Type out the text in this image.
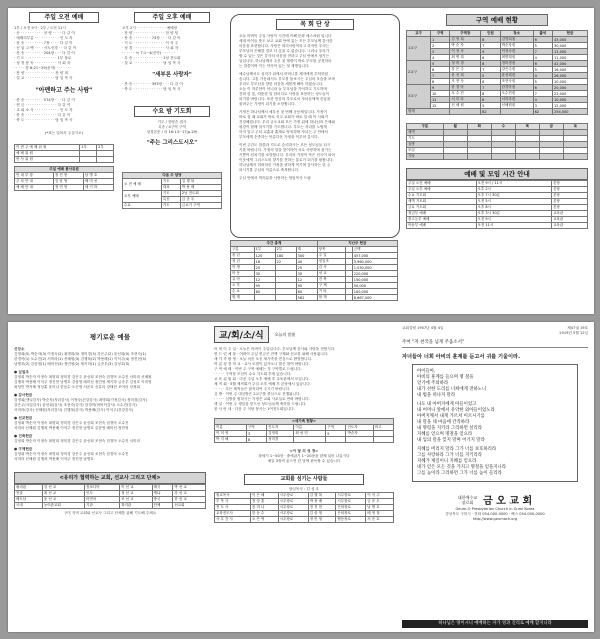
주일 오전 예배
1부 / 오전 9시 · 2부 / 오전 11시
· 송 · · · · · · · · · · 찬 양 · · · · 다 같 이
· 예배의부름 · · · · · · · · · · · 인 도 자
· 찬 송 · · · · · · · · 7장 · · · · 다 같 이
· 신 앙 고 백 · · · · 사도신경 · · 다 같 이
· 찬 송 · · · · · · · · 204장 · · · 다 같 이
· 기 도 · · · · · · · · · · · · · · 1부 장로
· 성 경 봉 독 · · · · · · · · · · 사 회 자
· · · · · 잠 8:21~29(신약) · · · · · · ·
· 찬 양 · · · · · · · · · · · · · 찬 양 대
· 설 교 · · · · · · · · · · · · · 담 임 목 사
"아멘하고 주는 사람"
· 찬 송 · · · · · · · · 574장 · · · 다 같 이
· 헌 금 · · · · · · · · · · · · · · 다 같 이
· 교 회 소 식 · · · · · · · · · · · 인 도 자
· 찬 송 · · · · · · · · · · · · · · 다 같 이
· 축 도 · · · · · · · · · · · · · 담 임 목 사
(*표는 일어서 주십시오)
이 번 주 예 배 위 원	1부	2부
예 배 위 원		
봉 사 위 원		
주일 예배 봉사위원		
안 내 부 장	정 진 현	남 병 호
주 차 안 내	김 삼 영	배 미 선
예 배 안 내	정 민 영	세 키 하
주일 오후 예배
오후 2시 · · · · · · · · · · · · · 예배당
· 찬 양 · · · · · · · · · · · · · · 찬 양 팀
· 찬 송 · · · · · · · · 74장 · · · 다 같 이
· 기 도 · · · · · · · · · · · · · · 이 석 주
· 성 경 · · · · · · · · · · · · · · 사 회 자
· · · · · · 눅 7:1~4(신약) · · · · · ·
· 특 송 · · · · · · · · · · · · · 1남 전도회
· 설 교 · · · · · · · · · · · · · 담 임 목 사
"새부론 사랑자"
· 찬 송 · · · · · · · · 393장 · · · 다 같 이
· 축 도 · · · · · · · · · · · · · 담 임 목 사
수요 밤 기도회
기도 / 찬양순 집사
특송 / 4구역 구역
성경본문 / 마 16:13~17(p.29)
"주는 그리스도시오"
다음 주 담당		
오 전 예 배	기도	김 행 복
	대표	박 용 배
오후 예배	기도	2남 전도회
	특송	금 준 우
수요	기도	금요기 구역
목 회 단 상
오늘 어버이 주일 사람이 시간에 이해 문화 에스처럼 입니다
세대 아이들 뜻도 보고 교회 안에 있는 모든 부모님께 감사한
마음을 표현합니다. 사랑은 내리사랑이라고 하지만 우리는
부모님의 은혜를 결코 다 갚을 수 없습니다. 그러나 우리가
할 수 있는 것은 감사의 마음을 전하고 주님 안에서 섬기는
일입니다. 하나님께서 주신 첫 계명이 바로 부모를 공경하라
는 말씀이며 이는 약속이 있는 첫 계명입니다.
예수님께서도 십자가 위에서 어머니를 제자에게 부탁하셨
습니다. 고통 가운데서도 부모를 돌보시는 주님의 모습을 보며
우리도 부모님을 향한 마음을 새롭게 해야 하겠습니다.
오늘 이 하루만이 아니라 늘 부모님을 기억하고 기도하며
전화 한 통, 따뜻한 말 한마디로 사랑을 표현하는 성도들이
되기를 바랍니다. 또한 믿음의 부모로서 자녀들에게 신앙을
물려주는 가정이 되기를 소망합니다.
가정은 하나님께서 세우신 첫 번째 공동체입니다. 가정이
바로 설 때 교회가 바로 서고 교회가 바로 설 때 이 사회가
건강해집니다. 우리 금오교회 모든 가정 위에 하나님의 은혜와
평강이 함께 하시기를 기도합니다. 부모는 자녀를 노엽게
하지 말고 주의 교훈과 훈계로 양육하며 자녀는 주 안에서
부모에게 순종하는 아름다운 가정을 이루어 갑시다.
이번 주간도 말씀과 기도로 승리하시는 모든 성도님들 되시
기를 바랍니다. 가정의 달을 맞이하여 서로 사랑하며 섬기는
기쁨이 넘치기를 소망합니다. 우리의 가정이 작은 천국이 되어
이웃에게 그리스도의 향기를 전하는 통로가 되기를 원합니다.
하나님께서 허락하신 가정을 귀하게 여기며 감사하는 한 주
되시기를 주님의 이름으로 축복합니다.
주님 안에서 여러분을 사랑하는 담임목사 드림
주간 총계				지난주 헌금		
구분	1부	2부	계	항목		금액
장 년	120	180	300	주 일		457,000
청 년	18	22	40	십일조		5,960,000
학 생	25		25	감 사		1,030,000
아 동	30		30	선 교		220,000
유 아	12		12	건 축		150,000
오 후	95		95	구 제		50,000
수 요	60		60	기 타		100,000
합 계			562	합 계		8,667,000
구역 예배 현황
교구	구역	구역장	인원	장소	출석	헌금
1교구	1	김 영 희	8	김영희집	6	43,000
	2	박 순 자	7	박순자집	5	30,000
	3	이 정 숙	9	이정숙집	7	12,000
	4	최 명 희	6	최명희집	4	11,000
2교구	5	정 미 경	8	정미경집	6	42,000
	6	강 은 주	7	강은주집	5	16,000
	7	윤 선 희	5	윤선희집	4	26,000
	8	조 현 숙	6	조현숙집	5	10,000
3교구	9	한 경 아	7	한경아집	6	20,000
	10	오 수 진	8	오수진집	7	22,000
	11	서 미 라	6	서미라집	4	10,000
	12	신 혜 원	5	신혜원집	3	12,000
합계			82		62	254,000
구분	월	화	수	목	금	토
새벽						
기도						
심방						
모임						
기타						
예배 및 모임 시간 안내
주일 오전 예배	오전 9시 / 11시	본당
주일 오후 예배	오후 2시	본당
수요 기도회	오후 7시 30분	본당
새벽 기도회	오전 5시	본당
금요 기도회	오후 8시	본당
청년부 예배	오후 3시 30분	교육관
중고등부 예배	오전 9시	교육관
아동부 예배	오전 11시	교육관
평기로운 예물
신앙소
김영희(5) 박순자(3) 이정숙(2) 최명희(5) 정미경(3) 강은주(2) 윤선희(5) 조현숙(1)
한경아(1) 오수진(2) 서미라(1) 신혜원(3) 김행복(2) 박용배(1) 이석주(4) 정진현(3)
남병호(2) 김삼영(1) 배미선(3) 정민영(2) 세키하(1) 금준우(3) 김성호(5)
● 십일조
김영희 박순자 이정숙 최명희 정미경 강은주 윤선희 조현숙 한경아 오수진 서미라 신혜원
김행복 박용배 이석주 정진현 남병호 김삼영 배미선 정민영 세키하 금준우 김성호 이미영
최성민 박지혜 정상훈 윤미나 한동수 오은영 서준호 신유리 강태현 조아라 임정희
● 감사헌금
김영희(생일감사) 박순자(자녀감사) 이정숙(건강감사) 최명희(가정감사) 정미경(감사)
강은주(사업감사) 윤선희(감사) 조현숙(감사) 한경아(어버이감사) 오수진(감사)
서미라(감사) 신혜원(자녀감사) 김행복(감사) 박용배(감사) 이석주(건강감사)
● 선교헌금
김영희 박순자 이정숙 최명희 정미경 강은주 윤선희 조현숙 한경아 오수진
서미라 신혜원 김행복 박용배 이석주 정진현 남병호 김삼영 배미선 정민영
● 건축헌금
김영희 박순자 이정숙 최명희 정미경 강은주 윤선희 조현숙 한경아 오수진 서미라
● 구제헌금
김영희 박순자 이정숙 최명희 정미경 강은주 윤선희 조현숙 한경아 오수진
서미라 신혜원 김행복 박용배 이석주 정진현 남병호
<유리가 협력하는 교회, 선교사 그리고 단체>
필리핀	김 선 교	캄보디아	이 선 교	태국	박 선 교
몽골	최 선 교	인도	정 선 교	케냐	강 선 교
베트남	윤 선 교	미얀마	조 선 교	중국	한 선 교
국내	농어촌교회	기관	복지관	단체	선교회
구미 지역 교회와 선교사 그리고 단체를 위해 기도해 주세요
교/회/소/식	오늘의 말씀
어 버 이 주 일 · 오늘은 어버이 주일입니다. 부모님께 감사와 사랑을 전합시다.
헌 드 린 예 물 · 어버이 주일 헌금은 전액 구제와 선교를 위해 사용됩니다.
새 가 족 환 영 · 오늘 처음 오신 새가족을 진심으로 환영합니다.
여 름 성 경 학 교 · 교사 모집이 있사오니 많은 참여 바랍니다.
구 역 예 배 · 이번 주 구역 예배는 각 구역별로 드립니다.
· · · · · 구역장 모임이 수요 기도회 후에 있습니다.
교 육 위 원 회 · 다음 주일 오후 예배 후 교육관에서 모입니다.
제 직 회 · 5월 제직회가 주일 오후 예배 후 본당에서 있습니다.
· · · · · 모든 제직들은 참석하여 주시기 바랍니다.
심 방 · 이번 주 대심방은 2교구를 중심으로 진행됩니다.
· · · · · 심방을 원하시는 가정은 교회 사무실로 연락 바랍니다.
생 일 · 이번 주 생일을 맞으신 성도님들께 축하를 드립니다.
봉 사 안 내 · 다음 주 식당 봉사는 1여전도회입니다.
<새가족 현황>						
이름	구역	인도자	이름	구역	인도자	비고
이 미 영	3	김영희	최 성 민	5	박순자	
박 지 혜	8	정미경				
<이 달 의 성 경>
창세기 1~50장 · 출애굽기 1~20장을 함께 읽어 나갑시다
매일 3장씩 읽으면 한 달에 완독할 수 있습니다
교회를 섬기는 사람들
담임목사 : 김 성 호
원로목사	이 은 혜	시무장로	김 행 복	시무장로	이 석 주
부 목 사	정 상 훈	시무장로	박 용 배	시무장로	금 준 우
전 도 사	윤 미 나	시무장로	정 진 현	은퇴장로	남 병 호
교육전도사	한 동 수	시무장로	김 삼 영	은퇴장로	배 영 철
사 무 간 사	오 은 영	시무장로	정 민 영	협동장로	서 준 호
교회설립 1957년 4월 4일	제47권 19호
2019년 5월 12일
주여 "저 천국을 넘게 주옵소서"
자녀들아 너희 아비의 훈계를 듣고서 귀를 기울이라.
아이들아,
아비의 훈계를 들으며 명 철을
얻기에 주의하라
내가 선한 도리를 너희에게 전하노니
내 법을 떠나지 말라
나도 내 아버지에게 아들이었고
내 어머니 앞에서 유약한 외아들이었노라
아버지께서 내게 가르쳐 이르시기를
내 말을 네 마음에 간직하라
내 명령을 지키라 그리하면 살리라
지혜를 얻으며 명철을 얻으라
내 입의 말을 잊지 말며 어기지 말라
지혜를 버리지 말라 그가 너를 보호하리라
그를 사랑하라 그가 너를 지키리라
지혜가 제일이니 지혜를 얻으라
네가 얻은 모든 것을 가지고 명철을 얻을지니라
그를 높이라 그리하면 그가 너를 높이 들리라
대한예수교
장로회 금 오 교 회
Geum-O Presbyterian Church in Gumi Korea
경상북도 구미시 · 전화 054-000-0000 · 팩스 054-000-0000
http://www.geumoch.org
하나님은 영이시니 예배하는 자가 영과 진리로 예배 할지니라
